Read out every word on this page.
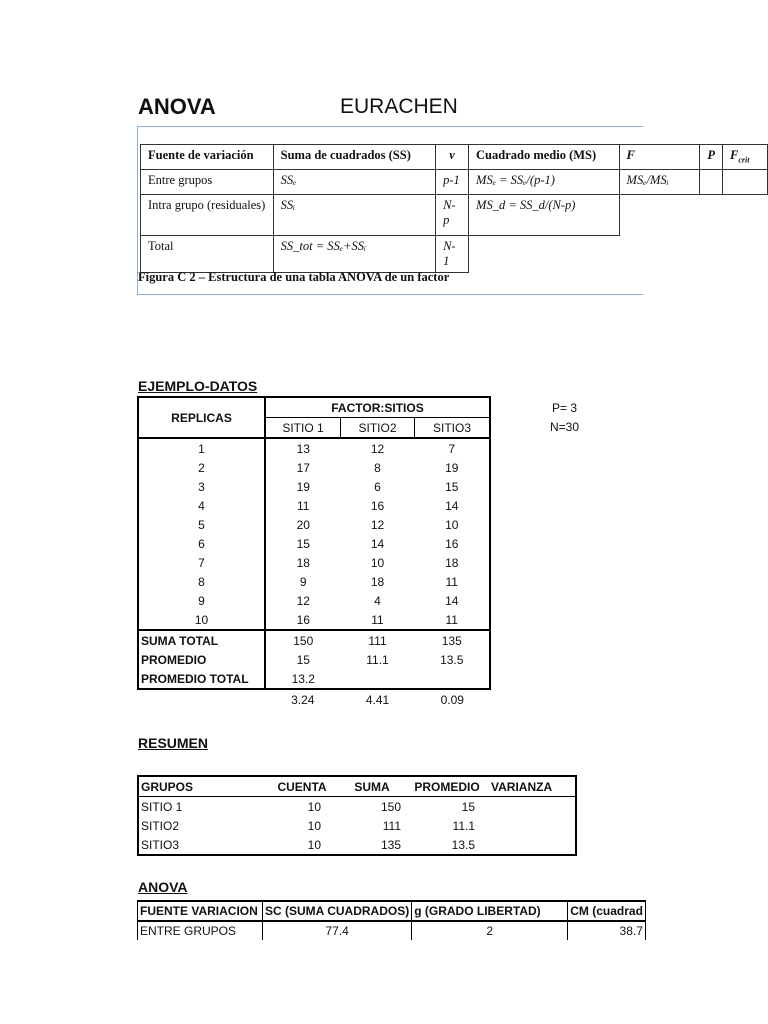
ANOVA	EURACHEN
Fuente de variación	Suma de cuadrados (SS)	ν	Cuadrado medio (MS)	F	P	$F_{crit}$
Entre grupos	SSₑ	p-1	MSₑ = SSₑ/(p-1)	MSₑ/MSᵢ		
Intra grupo (residuales)	SSᵢ	N-p	MS_d = SS_d/(N-p)			
Total	SS_tot = SSₑ+SSᵢ	N-1				
Figura C 2 – Estructura de una tabla ANOVA de un factor
EJEMPLO-DATOS
REPLICAS	FACTOR:SITIOS		
	SITIO 1	SITIO2	SITIO3
1	13	12	7
2	17	8	19
3	19	6	15
4	11	16	14
5	20	12	10
6	15	14	16
7	18	10	18
8	9	18	11
9	12	4	14
10	16	11	11
SUMA TOTAL	150	111	135
PROMEDIO	15	11.1	13.5
PROMEDIO TOTAL	13.2		
	3.24	4.41	0.09
P= 3
N=30
RESUMEN
GRUPOS	CUENTA	SUMA	PROMEDIO	VARIANZA
SITIO 1	10	150	15	
SITIO2	10	111	11.1	
SITIO3	10	135	13.5	
ANOVA
FUENTE VARIACION	SC (SUMA CUADRADOS)	g (GRADO LIBERTAD)	CM (cuadrad
ENTRE GRUPOS	77.4	2	38.7
